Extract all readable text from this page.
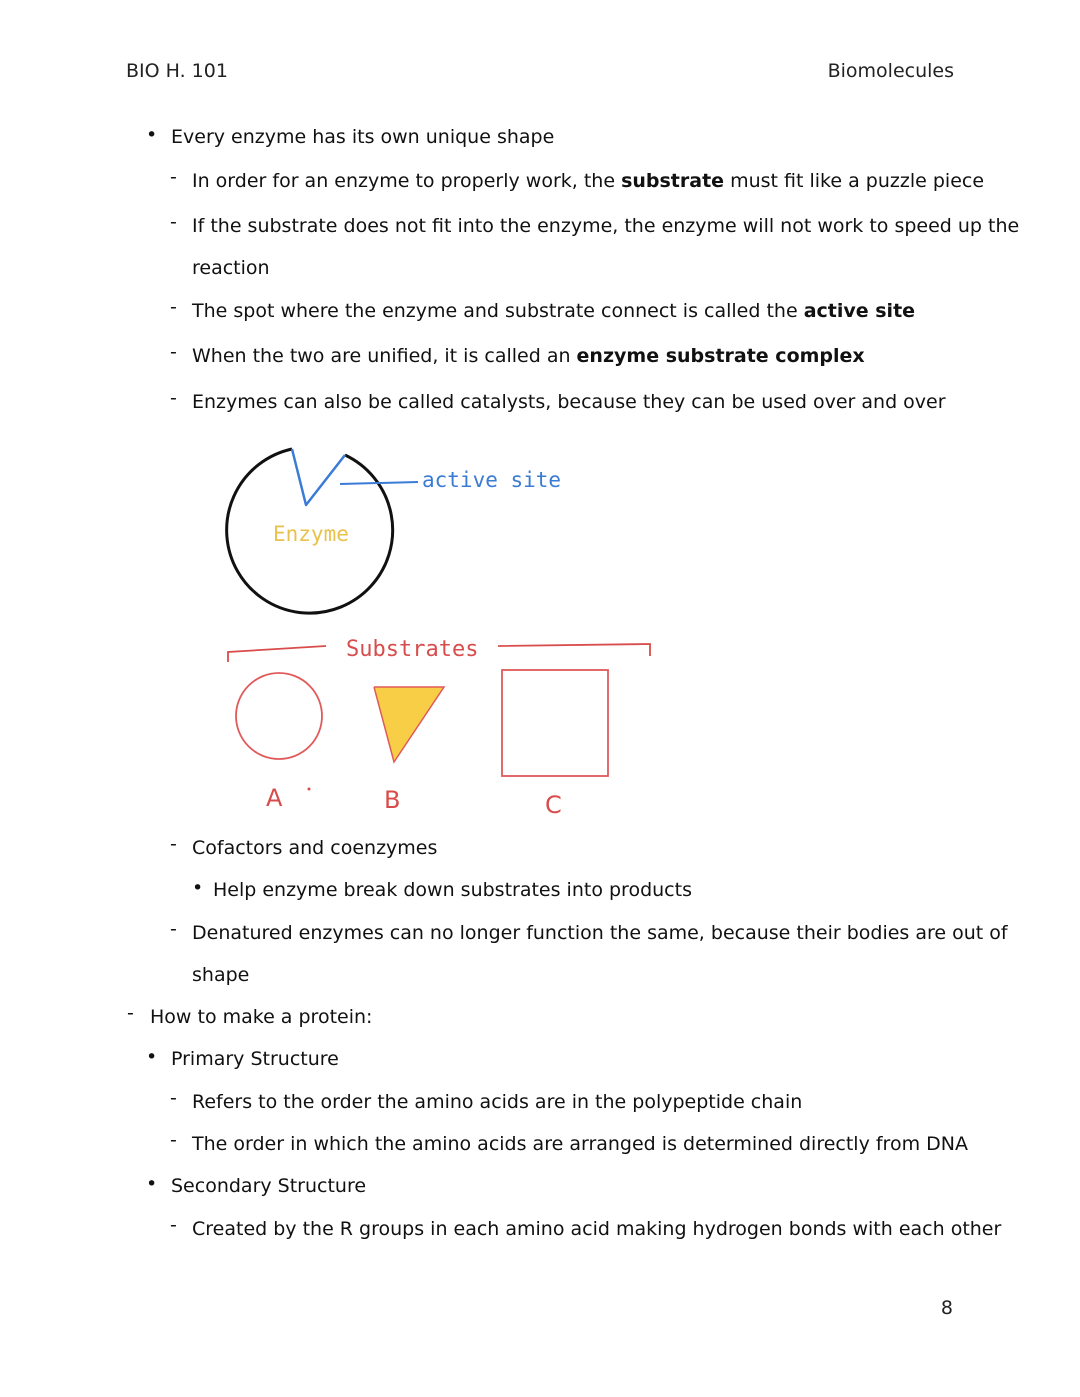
BIO H. 101	Biomolecules
• Every enzyme has its own unique shape
- In order for an enzyme to properly work, the substrate must fit like a puzzle piece
- If the substrate does not fit into the enzyme, the enzyme will not work to speed up the
reaction
- The spot where the enzyme and substrate connect is called the active site
- When the two are unified, it is called an enzyme substrate complex
- Enzymes can also be called catalysts, because they can be used over and over
active site
Enzyme
Substrates
A	B	C
- Cofactors and coenzymes
• Help enzyme break down substrates into products
- Denatured enzymes can no longer function the same, because their bodies are out of
shape
- How to make a protein:
• Primary Structure
- Refers to the order the amino acids are in the polypeptide chain
- The order in which the amino acids are arranged is determined directly from DNA
• Secondary Structure
- Created by the R groups in each amino acid making hydrogen bonds with each other
8
